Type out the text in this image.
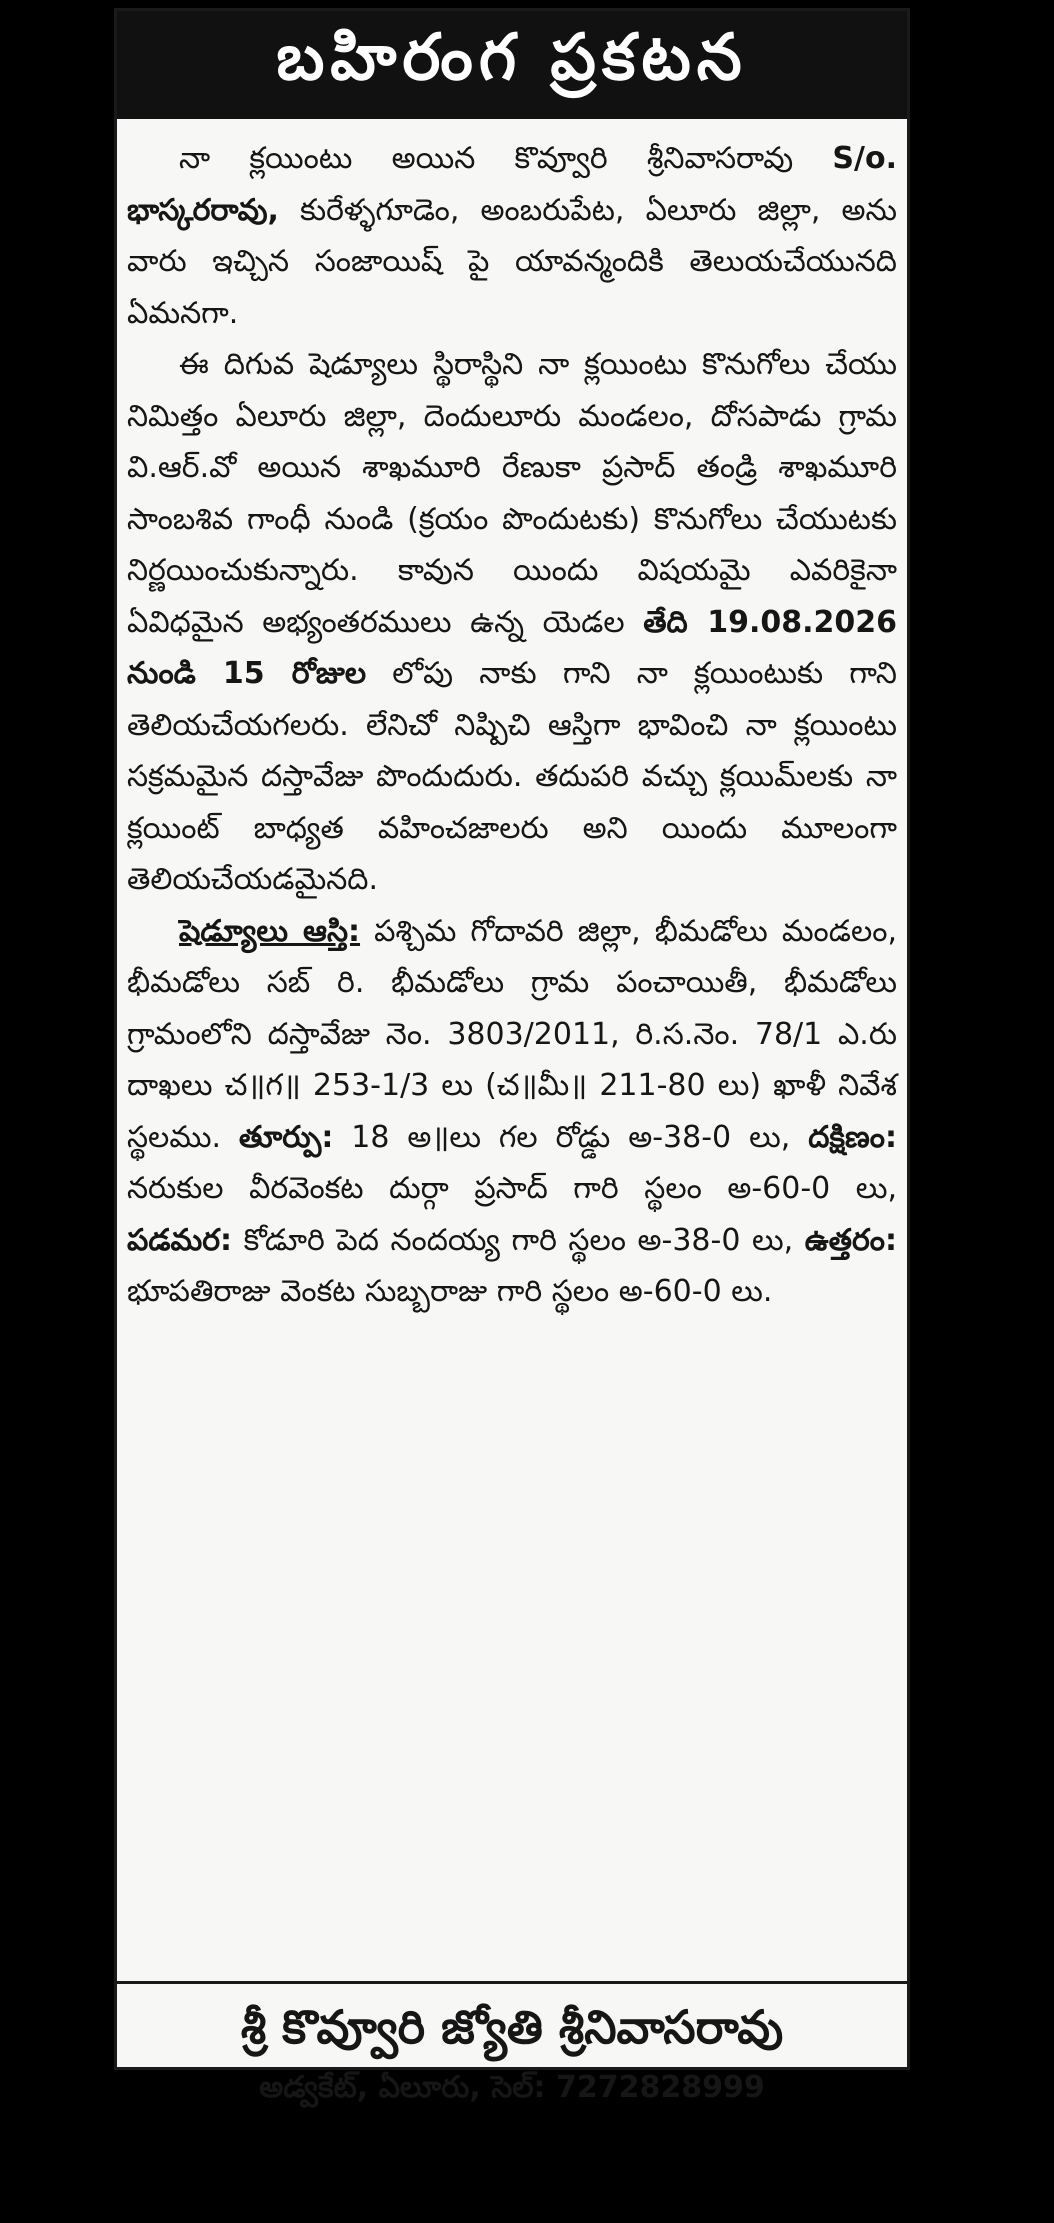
బహిరంగ ప్రకటన

నా క్లయింటు అయిన కొవ్వూరి శ్రీనివాసరావు S/o. భాస్కరరావు, కురేళ్ళగూడెం, అంబరుపేట, ఏలూరు జిల్లా, అను వారు ఇచ్చిన సంజాయిష్ పై యావన్మందికి తెలుయచేయునది ఏమనగా.

ఈ దిగువ షెడ్యూలు స్థిరాస్థిని నా క్లయింటు కొనుగోలు చేయు నిమిత్తం ఏలూరు జిల్లా, దెందులూరు మండలం, దోసపాడు గ్రామ వి.ఆర్.వో అయిన శాఖమూరి రేణుకా ప్రసాద్ తండ్రి శాఖమూరి సాంబశివ గాంధీ నుండి (క్రయం పొందుటకు) కొనుగోలు చేయుటకు నిర్ణయించుకున్నారు. కావున యిందు విషయమై ఎవరికైనా ఏవిధమైన అభ్యంతరములు ఉన్న యెడల తేది 19.08.2026 నుండి 15 రోజుల లోపు నాకు గాని నా క్లయింటుకు గాని తెలియచేయగలరు. లేనిచో నిష్పిచి ఆస్తిగా భావించి నా క్లయింటు సక్రమమైన దస్తావేజు పొందుదురు. తదుపరి వచ్చు క్లయిమ్‌లకు నా క్లయింట్ బాధ్యత వహించజాలరు అని యిందు మూలంగా తెలియచేయడమైనది.

షెడ్యూలు ఆస్తి: పశ్చిమ గోదావరి జిల్లా, భీమడోలు మండలం, భీమడోలు సబ్ రి. భీమడోలు గ్రామ పంచాయితీ, భీమడోలు గ్రామంలోని దస్తావేజు నెం. 3803/2011, రి.స.నెం. 78/1 ఎ.రు దాఖలు చ॥గ॥ 253-1/3 లు (చ॥మీ॥ 211-80 లు) ఖాళీ నివేశ స్థలము. తూర్పు: 18 అ॥లు గల రోడ్డు అ-38-0 లు, దక్షిణం: నరుకుల వీరవెంకట దుర్గా ప్రసాద్ గారి స్థలం అ-60-0 లు, పడమర: కోడూరి పెద నందయ్య గారి స్థలం అ-38-0 లు, ఉత్తరం: భూపతిరాజు వెంకట సుబ్బరాజు గారి స్థలం అ-60-0 లు.

శ్రీ కొవ్వూరి జ్యోతి శ్రీనివాసరావు
అడ్వకేట్, ఏలూరు, సెల్: 7272828999
